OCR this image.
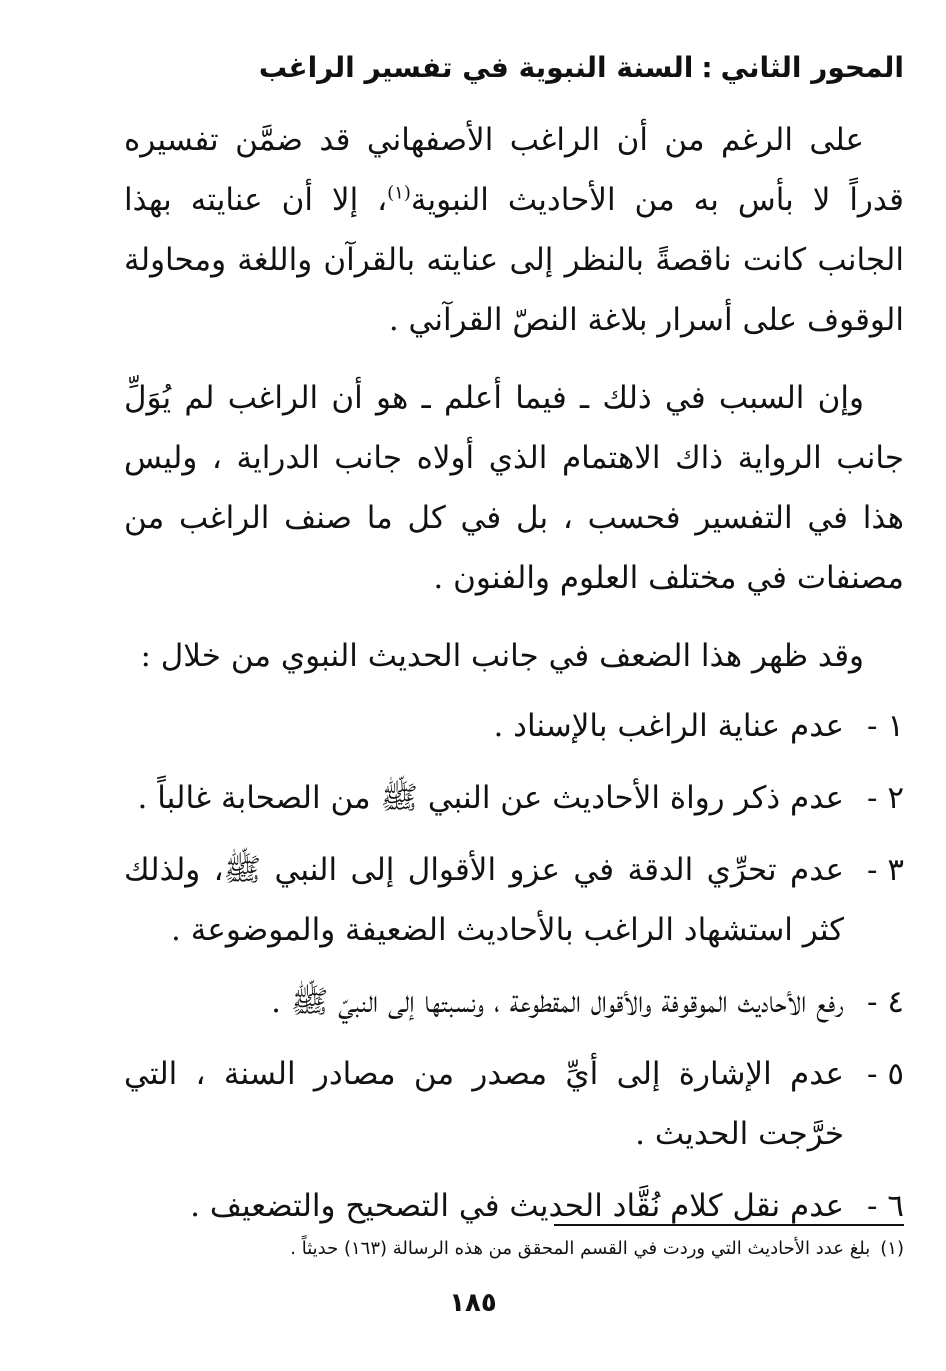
المحور الثاني:السنة النبوية في تفسير الراغب

على الرغم من أن الراغب الأصفهاني قد ضمَّن تفسيره قدراً لا بأس به من الأحاديث النبوية$^{(١)}$، إلا أن عنايته بهذا الجانب كانت ناقصةً بالنظر إلى عنايته بالقرآن واللغة ومحاولة الوقوف على أسرار بلاغة النصّ القرآني .

وإن السبب في ذلك ـ فيما أعلم ـ هو أن الراغب لم يُوَلِّ جانب الرواية ذاك الاهتمام الذي أولاه جانب الدراية ، وليس هذا في التفسير فحسب ، بل في كل ما صنف الراغب من مصنفات في مختلف العلوم والفنون .

وقد ظهر هذا الضعف في جانب الحديث النبوي من خلال :

١ -
عدم عناية الراغب بالإسناد .
٢ -
عدم ذكر رواة الأحاديث عن النبي ﷺ من الصحابة غالباً .
٣ -
عدم تحرِّي الدقة في عزو الأقوال إلى النبي ﷺ، ولذلك كثر استشهاد الراغب بالأحاديث الضعيفة والموضوعة .
٤ -
رفع الأحاديث الموقوفة والأقوال المقطوعة ، ونسبتها إلى النبيّ ﷺ .
٥ -
عدم الإشارة إلى أيِّ مصدر من مصادر السنة ، التي خرَّجت الحديث .
٦ -
عدم نقل كلام نُقَّاد الحديث في التصحيح والتضعيف .
(١)بلغ عدد الأحاديث التي وردت في القسم المحقق من هذه الرسالة (١٦٣) حديثاً .
١٨٥
